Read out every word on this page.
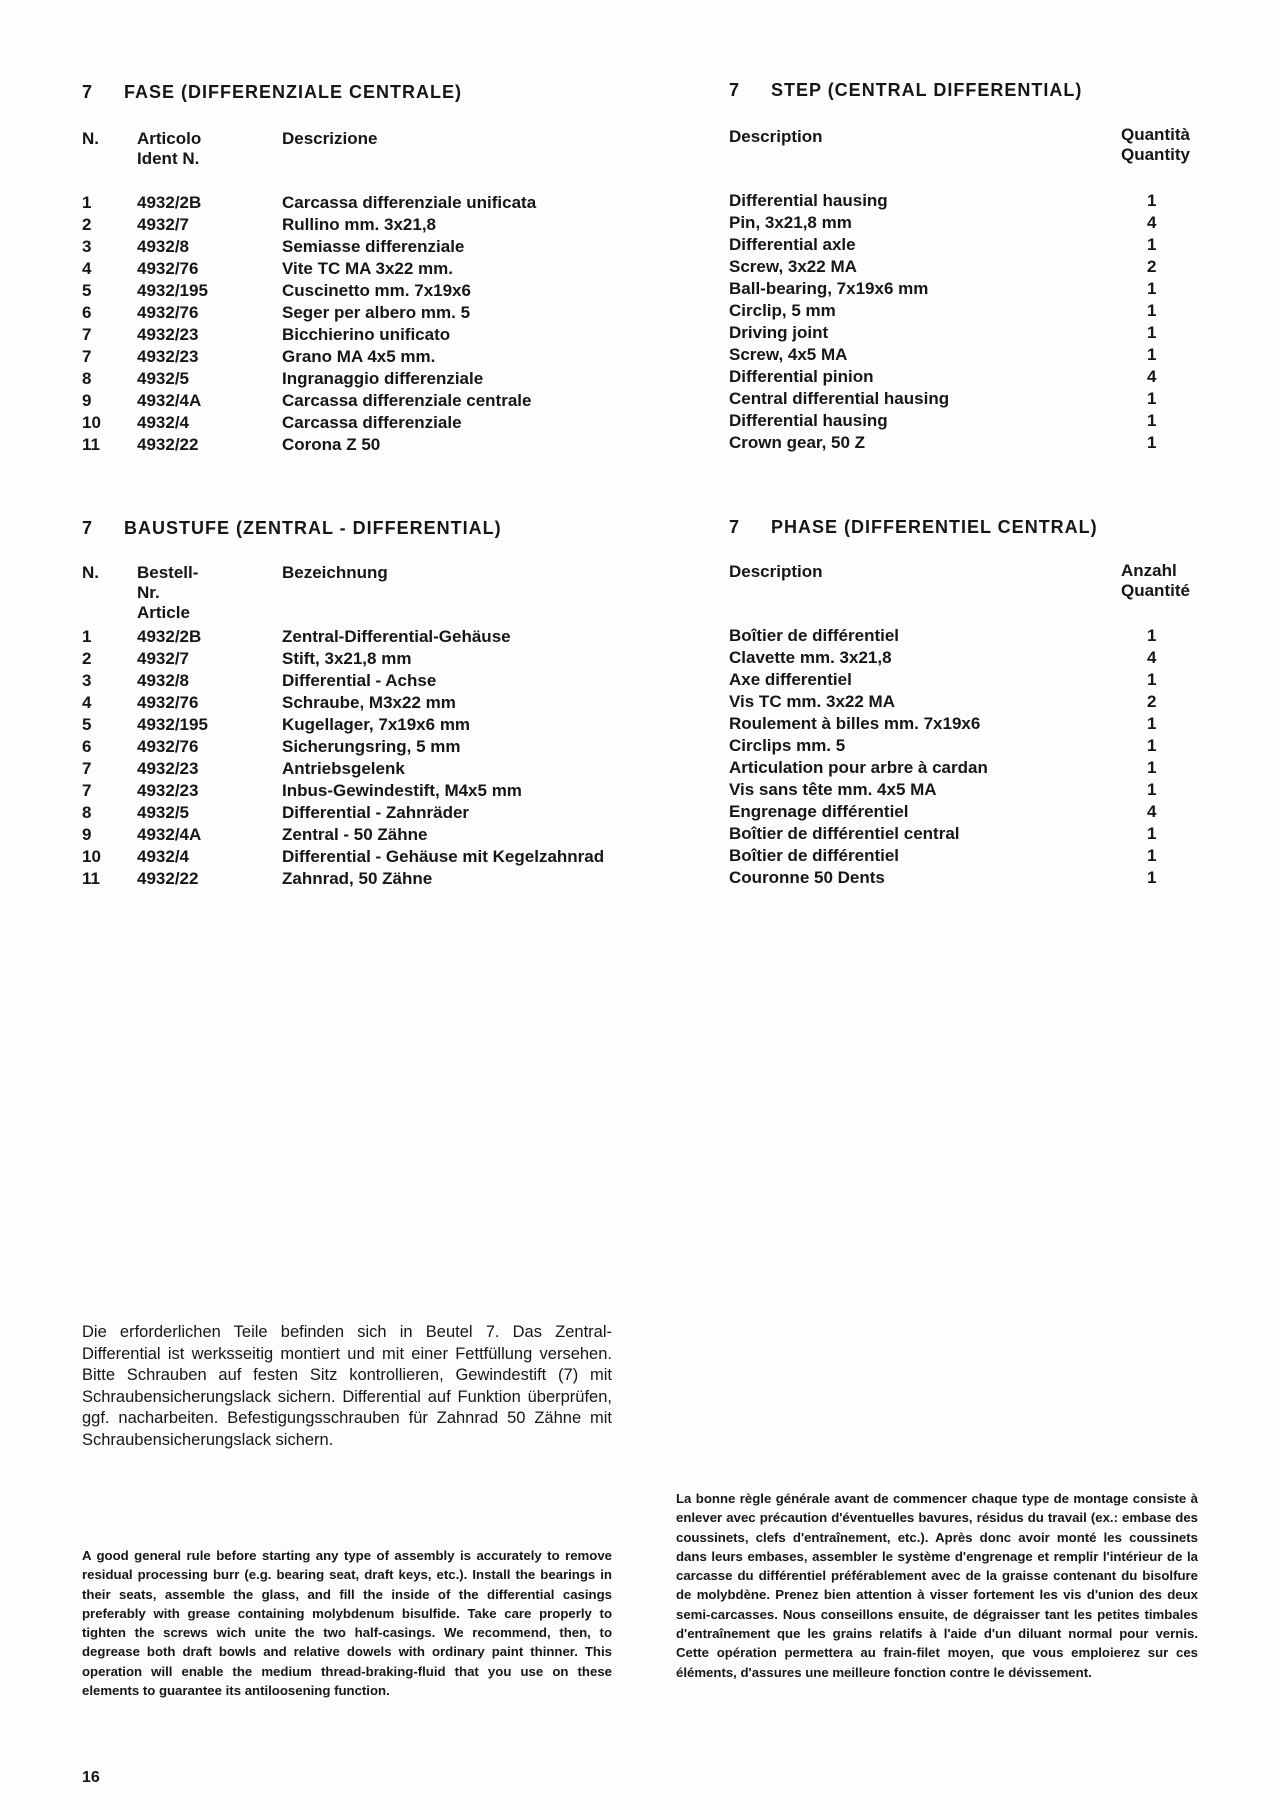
7 FASE (DIFFERENZIALE CENTRALE)
N. Articolo
Ident N.
Descrizione
1	4932/2B	Carcassa differenziale unificata
2	4932/7	Rullino mm. 3x21,8
3	4932/8	Semiasse differenziale
4	4932/76	Vite TC MA 3x22 mm.
5	4932/195	Cuscinetto mm. 7x19x6
6	4932/76	Seger per albero mm. 5
7	4932/23	Bicchierino unificato
7	4932/23	Grano MA 4x5 mm.
8	4932/5	Ingranaggio differenziale
9	4932/4A	Carcassa differenziale centrale
10 4932/4	Carcassa differenziale
11 4932/22	Corona Z 50
7 STEP (CENTRAL DIFFERENTIAL)
Description	Quantità
Quantity
Differential hausing	1
Pin, 3x21,8 mm	4
Differential axle	1
Screw, 3x22 MA	2
Ball-bearing, 7x19x6 mm	1
Circlip, 5 mm	1
Driving joint	1
Screw, 4x5 MA	1
Differential pinion	4
Central differential hausing	1
Differential hausing	1
Crown gear, 50 Z	1
7 BAUSTUFE (ZENTRAL - DIFFERENTIAL)
N. Bestell-Nr.
Article
Bezeichnung
1	4932/2B	Zentral-Differential-Gehäuse
2	4932/7	Stift, 3x21,8 mm
3	4932/8	Differential - Achse
4	4932/76	Schraube, M3x22 mm
5	4932/195	Kugellager, 7x19x6 mm
6	4932/76	Sicherungsring, 5 mm
7	4932/23	Antriebsgelenk
7	4932/23	Inbus-Gewindestift, M4x5 mm
8	4932/5	Differential - Zahnräder
9	4932/4A	Zentral - 50 Zähne
10 4932/4	Differential - Gehäuse mit Kegelzahnrad
11 4932/22	Zahnrad, 50 Zähne
7 PHASE (DIFFERENTIEL CENTRAL)
Description	Anzahl
Quantité
Boîtier de différentiel	1
Clavette mm. 3x21,8	4
Axe differentiel	1
Vis TC mm. 3x22 MA	2
Roulement à billes mm. 7x19x6	1
Circlips mm. 5	1
Articulation pour arbre à cardan	1
Vis sans tête mm. 4x5 MA	1
Engrenage différentiel	4
Boîtier de différentiel central	1
Boîtier de différentiel	1
Couronne 50 Dents	1
Die erforderlichen Teile befinden sich in Beutel 7. Das Zentral-Differential ist werksseitig montiert und mit einer Fettfüllung versehen. Bitte Schrauben auf festen Sitz kontrollieren, Gewindestift (7) mit Schraubensicherungslack sichern. Differential auf Funktion überprüfen, ggf. nacharbeiten. Befestigungsschrauben für Zahnrad 50 Zähne mit Schraubensicherungslack sichern.
A good general rule before starting any type of assembly is accurately to remove residual processing burr (e.g. bearing seat, draft keys, etc.). Install the bearings in their seats, assemble the glass, and fill the inside of the differential casings preferably with grease containing molybdenum bisulfide. Take care properly to tighten the screws wich unite the two half-casings. We recommend, then, to degrease both draft bowls and relative dowels with ordinary paint thinner. This operation will enable the medium thread-braking-fluid that you use on these elements to guarantee its antiloosening function.
La bonne règle générale avant de commencer chaque type de montage consiste à enlever avec précaution d'éventuelles bavures, résidus du travail (ex.: embase des coussinets, clefs d'entraînement, etc.). Après donc avoir monté les coussinets dans leurs embases, assembler le système d'engrenage et remplir l'intérieur de la carcasse du différentiel préférablement avec de la graisse contenant du bisolfure de molybdène. Prenez bien attention à visser fortement les vis d'union des deux semi-carcasses. Nous conseillons ensuite, de dégraisser tant les petites timbales d'entraînement que les grains relatifs à l'aide d'un diluant normal pour vernis. Cette opération permettera au frain-filet moyen, que vous emploierez sur ces éléments, d'assures une meilleure fonction contre le dévissement.
16
